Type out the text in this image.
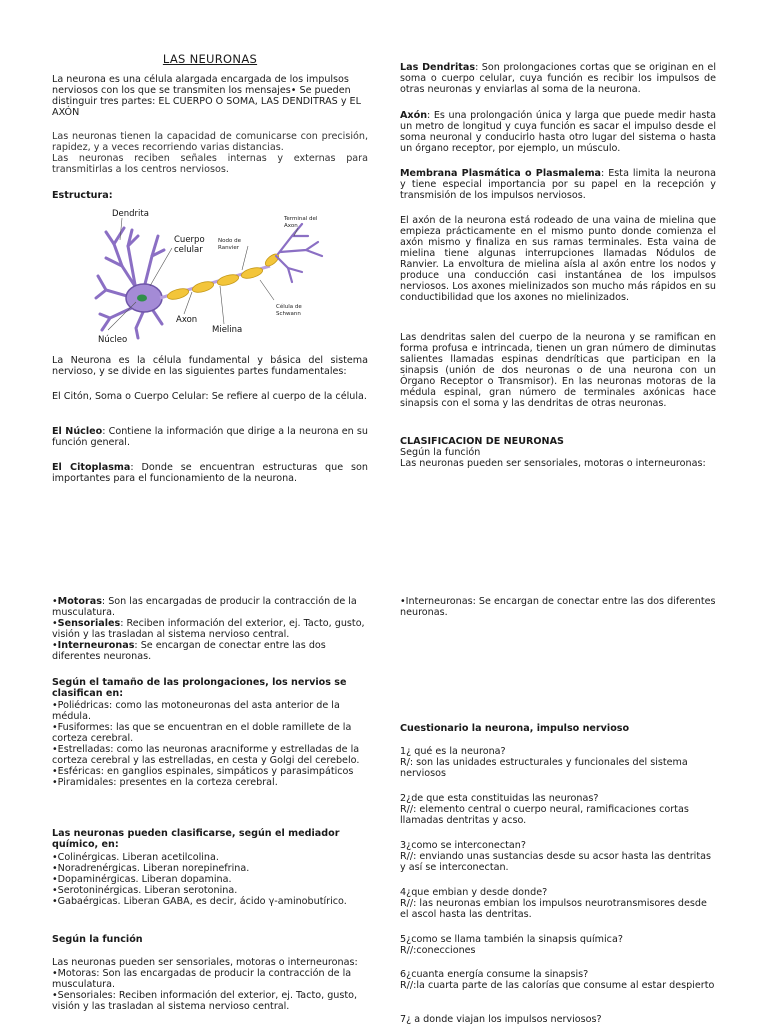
LAS NEURONAS

La neurona es una célula alargada encargada de los impulsos nerviosos con los que se transmiten los mensajes• Se pueden distinguir tres partes: EL CUERPO O SOMA, LAS DENDITRAS y EL AXÓN

Las neuronas tienen la capacidad de comunicarse con precisión, rapidez, y a veces recorriendo varias distancias.

Las neuronas reciben señales internas y externas para transmitirlas a los centros nerviosos.

Estructura:
Dendrita
Cuerpo celular
Nodo de Ranvier
Terminal del Axon
Axon
Célula de Schwann
Mielina
Núcleo
La Neurona es la célula fundamental y básica del sistema nervioso, y se divide en las siguientes partes fundamentales:
El Citón, Soma o Cuerpo Celular: Se refiere al cuerpo de la célula.
El Núcleo: Contiene la información que dirige a la neurona en su función general.
El Citoplasma: Donde se encuentran estructuras que son importantes para el funcionamiento de la neurona.

•Motoras: Son las encargadas de producir la contracción de la musculatura.

•Sensoriales: Reciben información del exterior, ej. Tacto, gusto, visión y las trasladan al sistema nervioso central.

•Interneuronas: Se encargan de conectar entre las dos diferentes neuronas.

Según el tamaño de las prolongaciones, los nervios se clasifican en:

•Poliédricas: como las motoneuronas del asta anterior de la médula.

•Fusiformes: las que se encuentran en el doble ramillete de la corteza cerebral.

•Estrelladas: como las neuronas aracniforme y estrelladas de la corteza cerebral y las estrelladas, en cesta y Golgi del cerebelo.

•Esféricas: en ganglios espinales, simpáticos y parasimpáticos

•Piramidales: presentes en la corteza cerebral.

Las neuronas pueden clasificarse, según el mediador químico, en:

•Colinérgicas. Liberan acetilcolina.

•Noradrenérgicas. Liberan norepinefrina.

•Dopaminérgicas. Liberan dopamina.

•Serotoninérgicas. Liberan serotonina.

•Gabaérgicas. Liberan GABA, es decir, ácido γ-aminobutírico.

Según la función

Las neuronas pueden ser sensoriales, motoras o interneuronas:

•Motoras: Son las encargadas de producir la contracción de la musculatura.

•Sensoriales: Reciben información del exterior, ej. Tacto, gusto, visión y las trasladan al sistema nervioso central.

Las Dendritas: Son prolongaciones cortas que se originan en el soma o cuerpo celular, cuya función es recibir los impulsos de otras neuronas y enviarlas al soma de la neurona.
Axón: Es una prolongación única y larga que puede medir hasta un metro de longitud y cuya función es sacar el impulso desde el soma neuronal y conducirlo hasta otro lugar del sistema o hasta un órgano receptor, por ejemplo, un músculo.
Membrana Plasmática o Plasmalema: Esta limita la neurona y tiene especial importancia por su papel en la recepción y transmisión de los impulsos nerviosos.
El axón de la neurona está rodeado de una vaina de mielina que empieza prácticamente en el mismo punto donde comienza el axón mismo y finaliza en sus ramas terminales. Esta vaina de mielina tiene algunas interrupciones llamadas Nódulos de Ranvier. La envoltura de mielina aísla al axón entre los nodos y produce una conducción casi instantánea de los impulsos nerviosos. Los axones mielinizados son mucho más rápidos en su conductibilidad que los axones no mielinizados.
Las dendritas salen del cuerpo de la neurona y se ramifican en forma profusa e intrincada, tienen un gran número de diminutas salientes llamadas espinas dendríticas que participan en la sinapsis (unión de dos neuronas o de una neurona con un Órgano Receptor o Transmisor). En las neuronas motoras de la médula espinal, gran número de terminales axónicas hace sinapsis con el soma y las dendritas de otras neuronas.

CLASIFICACION DE NEURONAS

Según la función

Las neuronas pueden ser sensoriales, motoras o interneuronas:

•Interneuronas: Se encargan de conectar entre las dos diferentes neuronas.
Cuestionario la neurona, impulso nervioso

1¿ qué es la neurona?

R/: son las unidades estructurales y funcionales del sistema nerviosos

2¿de que esta constituidas las neuronas?

R//: elemento central o cuerpo neural, ramificaciones cortas llamadas dentritas y acso.

3¿como se interconectan?

R//: enviando unas sustancias desde su acsor hasta las dentritas y así se interconectan.

4¿que embian y desde donde?

R//: las neuronas embian los impulsos neurotransmisores desde el ascol hasta las dentritas.

5¿como se llama también la sinapsis química?

R//:conecciones

6¿cuanta energía consume la sinapsis?

R//:la cuarta parte de las calorías que consume al estar despierto

7¿ a donde viajan los impulsos nerviosos?
